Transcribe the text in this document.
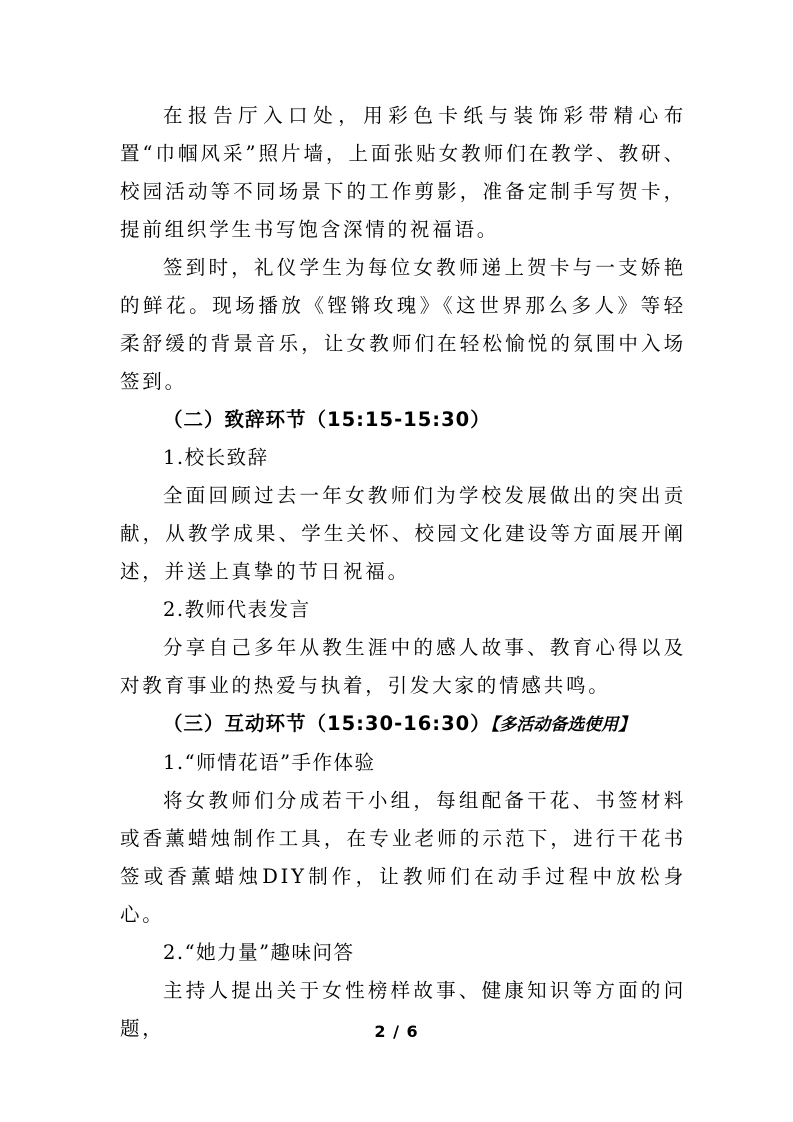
在报告厅入口处，用彩色卡纸与装饰彩带精心布置“巾帼风采”照片墙，上面张贴女教师们在教学、教研、校园活动等不同场景下的工作剪影，准备定制手写贺卡，提前组织学生书写饱含深情的祝福语。

签到时，礼仪学生为每位女教师递上贺卡与一支娇艳的鲜花。现场播放《铿锵玫瑰》《这世界那么多人》等轻柔舒缓的背景音乐，让女教师们在轻松愉悦的氛围中入场签到。

（二）致辞环节（15:15-15:30）

1.校长致辞

全面回顾过去一年女教师们为学校发展做出的突出贡献，从教学成果、学生关怀、校园文化建设等方面展开阐述，并送上真挚的节日祝福。

2.教师代表发言

分享自己多年从教生涯中的感人故事、教育心得以及对教育事业的热爱与执着，引发大家的情感共鸣。

（三）互动环节（15:30-16:30）【多活动备选使用】

1.“师情花语”手作体验

将女教师们分成若干小组，每组配备干花、书签材料或香薰蜡烛制作工具，在专业老师的示范下，进行干花书签或香薰蜡烛DIY制作，让教师们在动手过程中放松身心。

2.“她力量”趣味问答

主持人提出关于女性榜样故事、健康知识等方面的问题，	2 / 6
